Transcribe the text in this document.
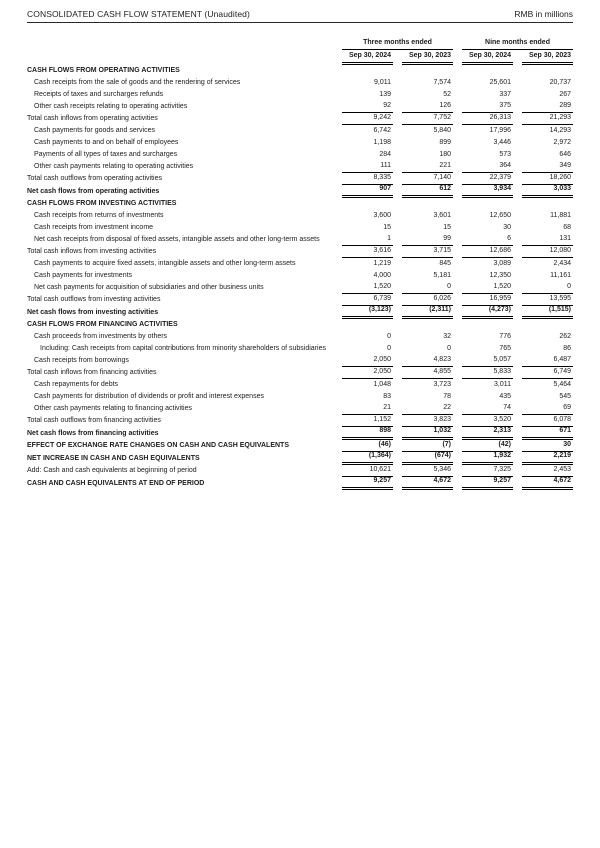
CONSOLIDATED CASH FLOW STATEMENT (Unaudited)	RMB in millions

	Three months ended		Nine months ended	

	Sep 30, 2024	Sep 30, 2023	Sep 30, 2024	Sep 30, 2023

CASH FLOWS FROM OPERATING ACTIVITIES	

Cash receipts from the sale of goods and the rendering of services	9,011	7,574	25,601	20,737

Receipts of taxes and surcharges refunds	139	52	337	267

Other cash receipts relating to operating activities	92	126	375	289

Total cash inflows from operating activities	9,242	7,752	26,313	21,293

Cash payments for goods and services	6,742	5,840	17,996	14,293

Cash payments to and on behalf of employees	1,198	899	3,446	2,972

Payments of all types of taxes and surcharges	284	180	573	646

Other cash payments relating to operating activities	111	221	364	349

Total cash outflows from operating activities	8,335	7,140	22,379	18,260

Net cash flows from operating activities	907	612	3,934	3,033

CASH FLOWS FROM INVESTING ACTIVITIES	

Cash receipts from returns of investments	3,600	3,601	12,650	11,881

Cash receipts from investment income	15	15	30	68

Net cash receipts from disposal of fixed assets, intangible assets and other long-term assets	1	99	6	131

Total cash inflows from investing activities	3,616	3,715	12,686	12,080

Cash payments to acquire fixed assets, intangible assets and other long-term assets	1,219	845	3,089	2,434

Cash payments for investments	4,000	5,181	12,350	11,161

Net cash payments for acquisition of subsidiaries and other business units	1,520	0	1,520	0

Total cash outflows from investing activities	6,739	6,026	16,959	13,595

Net cash flows from investing activities	(3,123)	(2,311)	(4,273)	(1,515)

CASH FLOWS FROM FINANCING ACTIVITIES	

Cash proceeds from investments by others	0	32	776	262

Including: Cash receipts from capital contributions from minority shareholders of subsidiaries	0	0	765	86

Cash receipts from borrowings	2,050	4,823	5,057	6,487

Total cash inflows from financing activities	2,050	4,855	5,833	6,749

Cash repayments for debts	1,048	3,723	3,011	5,464

Cash payments for distribution of dividends or profit and interest expenses	83	78	435	545

Other cash payments relating to financing activities	21	22	74	69

Total cash outflows from financing activities	1,152	3,823	3,520	6,078

Net cash flows from financing activities	898	1,032	2,313	671

EFFECT OF EXCHANGE RATE CHANGES ON CASH AND CASH EQUIVALENTS	(46)	(7)	(42)	30

NET INCREASE IN CASH AND CASH EQUIVALENTS	(1,364)	(674)	1,932	2,219

Add: Cash and cash equivalents at beginning of period	10,621	5,346	7,325	2,453

CASH AND CASH EQUIVALENTS AT END OF PERIOD	9,257	4,672	9,257	4,672
